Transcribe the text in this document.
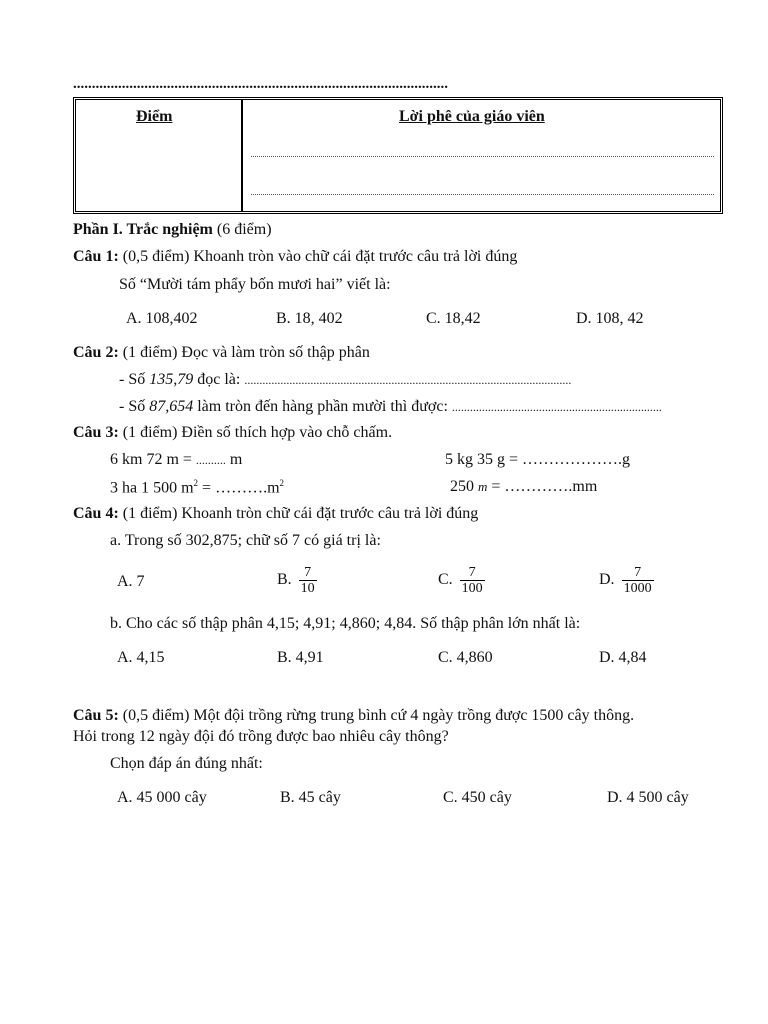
....................................................................................................
Điểm	Lời phê của giáo viên
Phần I. Trắc nghiệm (6 điểm)
Câu 1: (0,5 điểm) Khoanh tròn vào chữ cái đặt trước câu trả lời đúng
Số “Mười tám phẩy bốn mươi hai” viết là:
A. 108,402	B. 18, 402	C. 18,42	D. 108, 42
Câu 2: (1 điểm) Đọc và làm tròn số thập phân
- Số 135,79 đọc là: .............................................................................................................
- Số 87,654 làm tròn đến hàng phần mười thì được: ......................................................................
Câu 3: (1 điểm) Điền số thích hợp vào chỗ chấm.
6 km 72 m = .......... m	5 kg 35 g = ……………….g
3 ha 1 500 $m^2$ = $\dots\dots\dots.m^2$	250 m = ………….mm
Câu 4: (1 điểm) Khoanh tròn chữ cái đặt trước câu trả lời đúng
a. Trong số 302,875; chữ số 7 có giá trị là:
A. 7	B. $\frac{7}{10}$	C. $\frac{7}{100}$	D. $\frac{7}{1000}$
b. Cho các số thập phân 4,15; 4,91; 4,860; 4,84. Số thập phân lớn nhất là:
A. 4,15	B. 4,91	C. 4,860	D. 4,84
Câu 5: (0,5 điểm) Một đội trồng rừng trung bình cứ 4 ngày trồng được 1500 cây thông.
Hỏi trong 12 ngày đội đó trồng được bao nhiêu cây thông?
Chọn đáp án đúng nhất:
A. 45 000 cây	B. 45 cây	C. 450 cây	D. 4 500 cây
